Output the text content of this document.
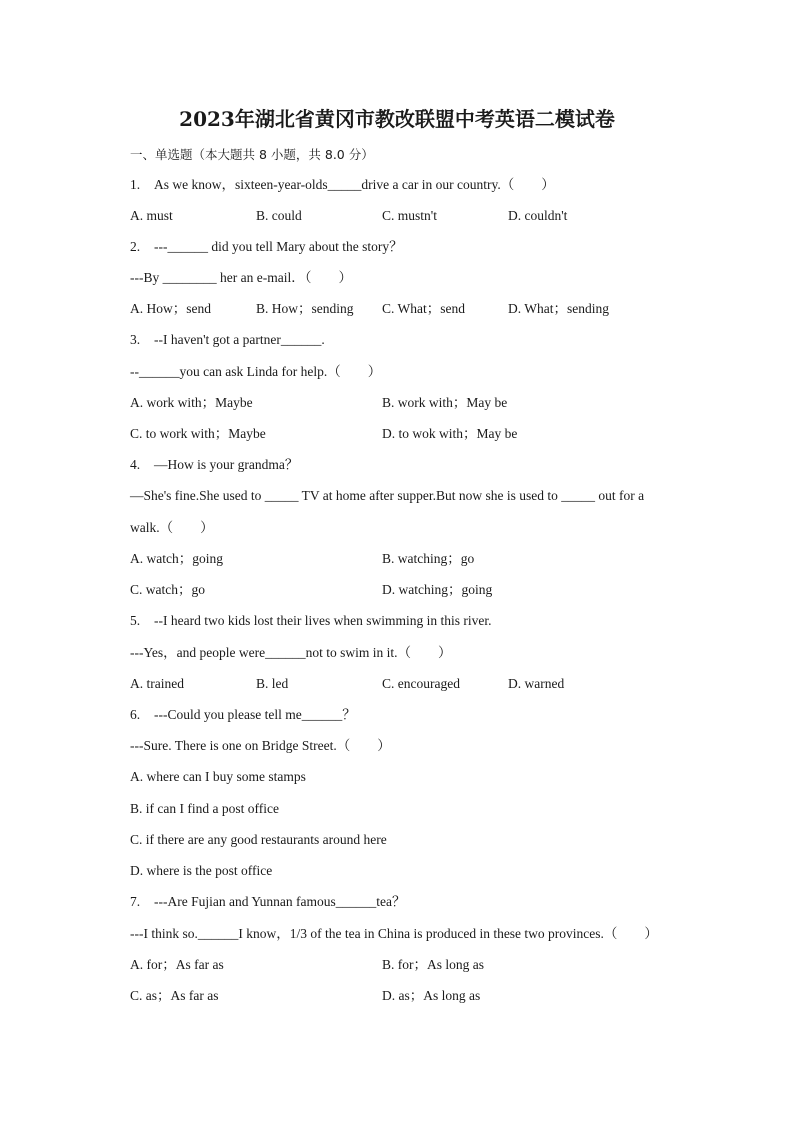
2023年湖北省黄冈市教改联盟中考英语二模试卷
一、单选题（本大题共 8 小题，共 8.0 分）
1. As we know，sixteen-year-olds_____drive a car in our country.（　　）
A. must	B. could	C. mustn't	D. couldn't
2. ---______ did you tell Mary about the story？
---By ________ her an e-mail．（　　）
A. How；send	B. How；sending C. What；send	D. What；sending
3. --I haven't got a partner______.
--______you can ask Linda for help.（　　）
A. work with；Maybe	B. work with；May be
C. to work with；Maybe	D. to wok with；May be
4. —How is your grandma？
—She's fine.She used to _____ TV at home after supper.But now she is used to _____ out for a
walk.（　　）
A. watch；going	B. watching；go
C. watch；go	D. watching；going
5. --I heard two kids lost their lives when swimming in this river.
---Yes，and people were______not to swim in it.（　　）
A. trained	B. led	C. encouraged	D. warned
6. ---Could you please tell me______？
---Sure. There is one on Bridge Street.（　　）
A. where can I buy some stamps
B. if can I find a post office
C. if there are any good restaurants around here
D. where is the post office
7. ---Are Fujian and Yunnan famous______tea？
---I think so.______I know，1/3 of the tea in China is produced in these two provinces.（　　）
A. for；As far as	B. for；As long as
C. as；As far as	D. as；As long as
